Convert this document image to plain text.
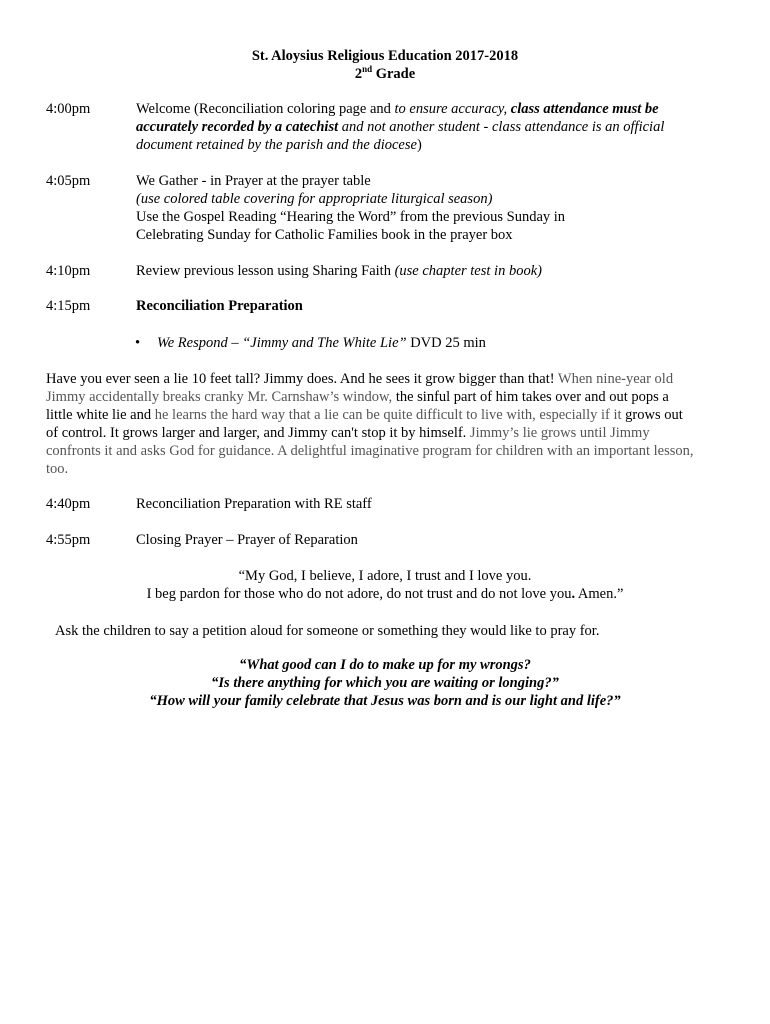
St. Aloysius Religious Education 2017-2018
2nd Grade
4:00pm	Welcome (Reconciliation coloring page and to ensure accuracy, class attendance must be
accurately recorded by a catechist and not another student - class attendance is an official
document retained by the parish and the diocese)
4:05pm	We Gather - in Prayer at the prayer table
(use colored table covering for appropriate liturgical season)
Use the Gospel Reading “Hearing the Word” from the previous Sunday in
Celebrating Sunday for Catholic Families book in the prayer box
4:10pm	Review previous lesson using Sharing Faith (use chapter test in book)
4:15pm	Reconciliation Preparation
• We Respond – “Jimmy and The White Lie” DVD 25 min
Have you ever seen a lie 10 feet tall? Jimmy does. And he sees it grow bigger than that! When nine-year old
Jimmy accidentally breaks cranky Mr. Carnshaw’s window, the sinful part of him takes over and out pops a
little white lie and he learns the hard way that a lie can be quite difficult to live with, especially if it grows out
of control. It grows larger and larger, and Jimmy can't stop it by himself. Jimmy’s lie grows until Jimmy
confronts it and asks God for guidance. A delightful imaginative program for children with an important lesson,
too.
4:40pm	Reconciliation Preparation with RE staff
4:55pm	Closing Prayer – Prayer of Reparation
“My God, I believe, I adore, I trust and I love you.
I beg pardon for those who do not adore, do not trust and do not love you. Amen.”
Ask the children to say a petition aloud for someone or something they would like to pray for.
“What good can I do to make up for my wrongs?
“Is there anything for which you are waiting or longing?”
“How will your family celebrate that Jesus was born and is our light and life?”
